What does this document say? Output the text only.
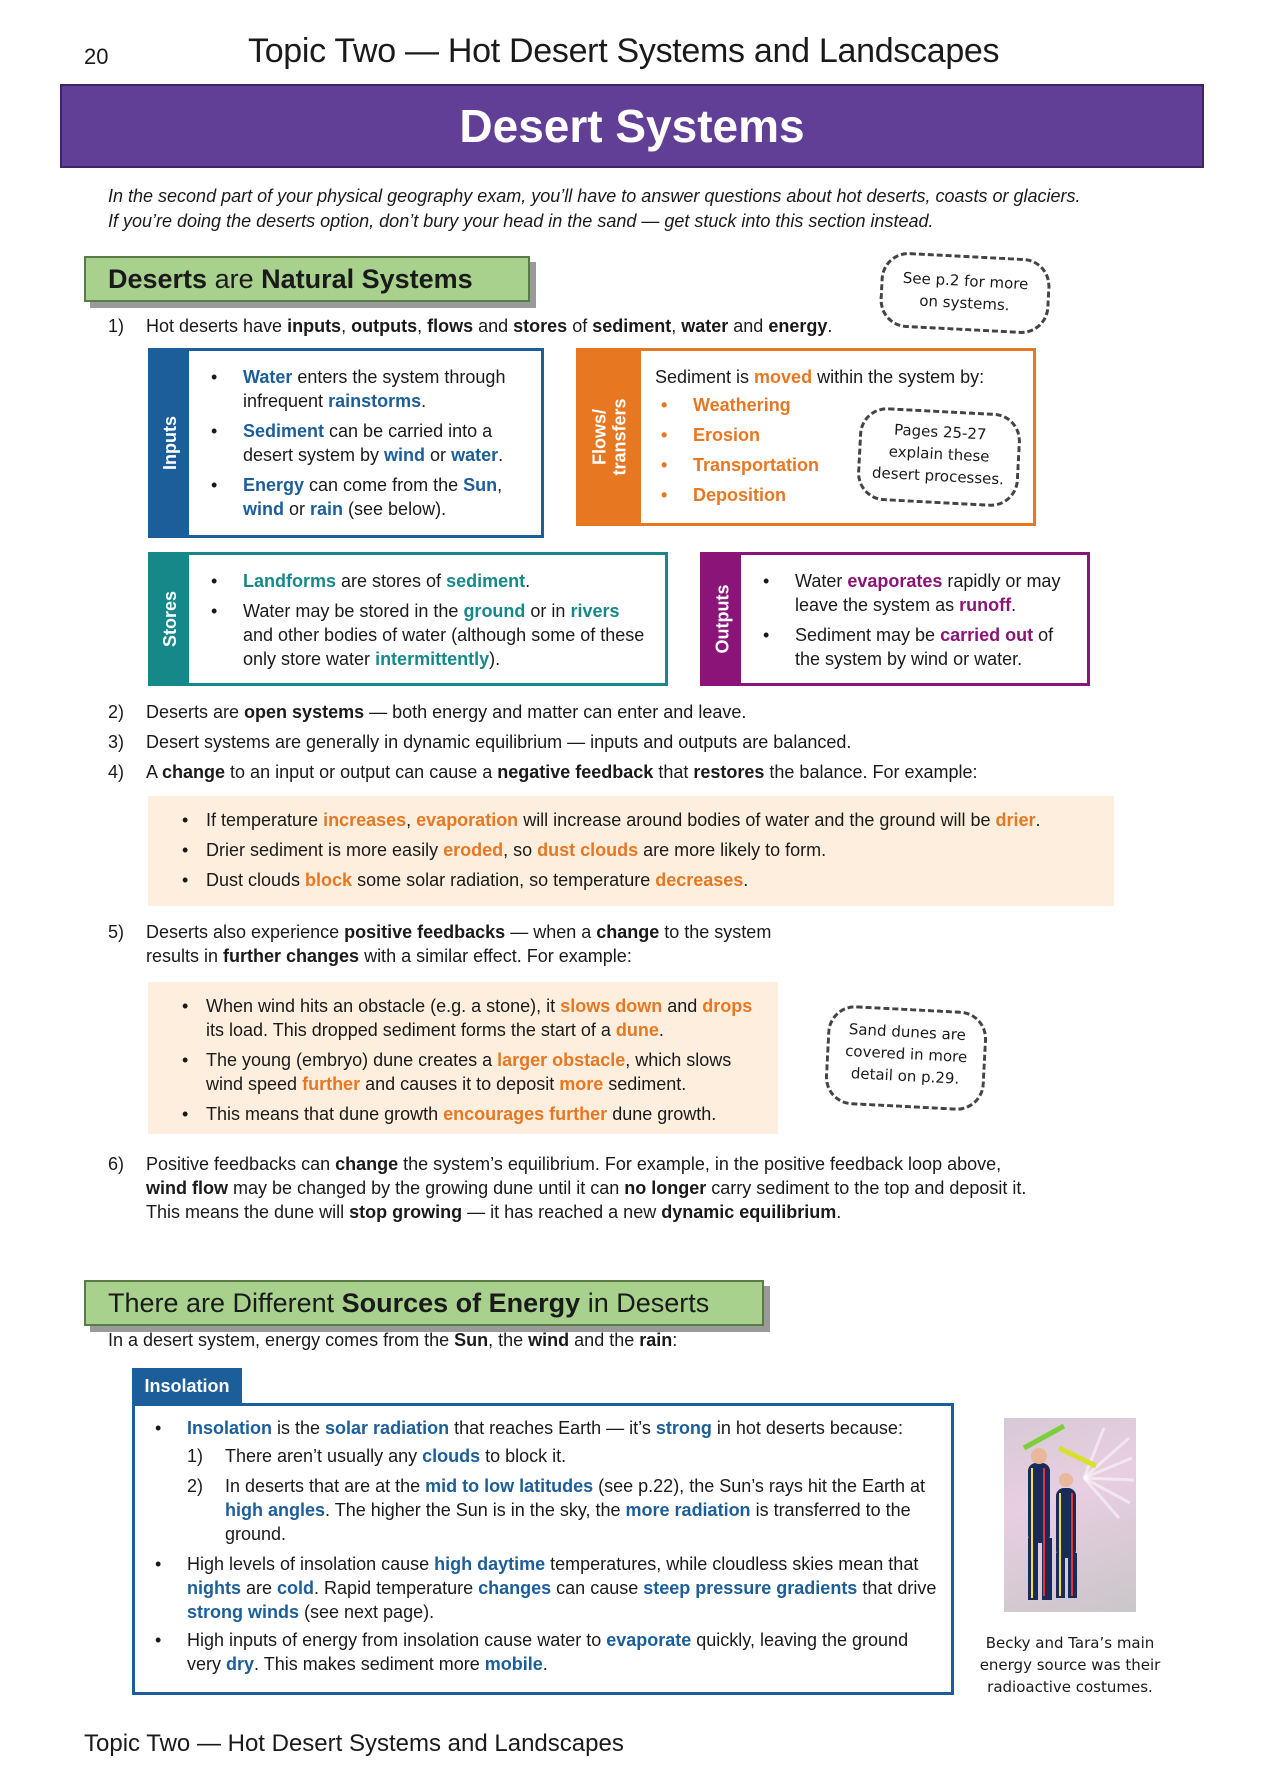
20	Topic Two — Hot Desert Systems and Landscapes
Desert Systems
In the second part of your physical geography exam, you’ll have to answer questions about hot deserts, coasts or glaciers.
If you’re doing the deserts option, don’t bury your head in the sand — get stuck into this section instead.
Deserts are Natural Systems	See p.2 for more
on systems.
1) Hot deserts have inputs, outputs, flows and stores of sediment, water and energy.
Inputs
• Water enters the system through infrequent rainstorms.
• Sediment can be carried into a desert system by wind or water.
• Energy can come from the Sun, wind or rain (see below).
Flows/
transfers
Sediment is moved within the system by:
• Weathering
• Erosion
• Transportation
• Deposition
Pages 25-27
explain these
desert processes.
Stores
• Landforms are stores of sediment.
• Water may be stored in the ground or in rivers and other bodies of water (although some of these only store water intermittently).
Outputs
• Water evaporates rapidly or may leave the system as runoff.
• Sediment may be carried out of the system by wind or water.
2) Deserts are open systems — both energy and matter can enter and leave.
3) Desert systems are generally in dynamic equilibrium — inputs and outputs are balanced.
4) A change to an input or output can cause a negative feedback that restores the balance. For example:
• If temperature increases, evaporation will increase around bodies of water and the ground will be drier.
• Drier sediment is more easily eroded, so dust clouds are more likely to form.
• Dust clouds block some solar radiation, so temperature decreases.
5) Deserts also experience positive feedbacks — when a change to the system
results in further changes with a similar effect. For example:
• When wind hits an obstacle (e.g. a stone), it slows down and drops its load. This dropped sediment forms the start of a dune.
• The young (embryo) dune creates a larger obstacle, which slows wind speed further and causes it to deposit more sediment.
• This means that dune growth encourages further dune growth.
Sand dunes are
covered in more
detail on p.29.
6) Positive feedbacks can change the system’s equilibrium. For example, in the positive feedback loop above,
wind flow may be changed by the growing dune until it can no longer carry sediment to the top and deposit it.
This means the dune will stop growing — it has reached a new dynamic equilibrium.
There are Different Sources of Energy in Deserts
In a desert system, energy comes from the Sun, the wind and the rain:
Insolation
• Insolation is the solar radiation that reaches Earth — it’s strong in hot deserts because:
1) There aren’t usually any clouds to block it.
2) In deserts that are at the mid to low latitudes (see p.22), the Sun’s rays hit the Earth at high angles. The higher the Sun is in the sky, the more radiation is transferred to the ground.
• High levels of insolation cause high daytime temperatures, while cloudless skies mean that nights are cold. Rapid temperature changes can cause steep pressure gradients that drive strong winds (see next page).
• High inputs of energy from insolation cause water to evaporate quickly, leaving the ground very dry. This makes sediment more mobile.
Becky and Tara’s main
energy source was their
radioactive costumes.
Topic Two — Hot Desert Systems and Landscapes
